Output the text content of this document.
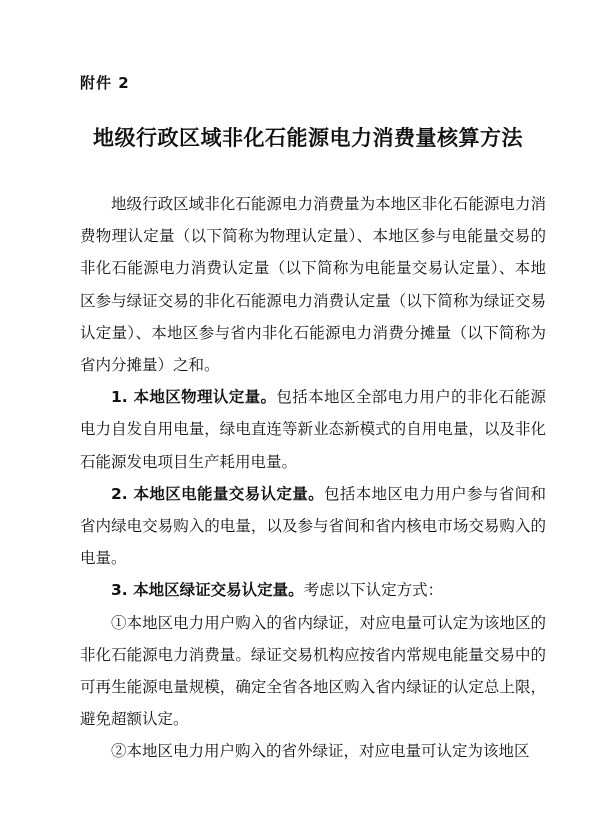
附件 2
地级行政区域非化石能源电力消费量核算方法

地级行政区域非化石能源电力消费量为本地区非化石能源电力消费物理认定量（以下简称为物理认定量）、本地区参与电能量交易的非化石能源电力消费认定量（以下简称为电能量交易认定量）、本地区参与绿证交易的非化石能源电力消费认定量（以下简称为绿证交易认定量）、本地区参与省内非化石能源电力消费分摊量（以下简称为省内分摊量）之和。

1. 本地区物理认定量。包括本地区全部电力用户的非化石能源电力自发自用电量，绿电直连等新业态新模式的自用电量，以及非化石能源发电项目生产耗用电量。

2. 本地区电能量交易认定量。包括本地区电力用户参与省间和省内绿电交易购入的电量，以及参与省间和省内核电市场交易购入的电量。

3. 本地区绿证交易认定量。考虑以下认定方式：

①本地区电力用户购入的省内绿证，对应电量可认定为该地区的非化石能源电力消费量。绿证交易机构应按省内常规电能量交易中的可再生能源电量规模，确定全省各地区购入省内绿证的认定总上限，避免超额认定。

②本地区电力用户购入的省外绿证，对应电量可认定为该地区
